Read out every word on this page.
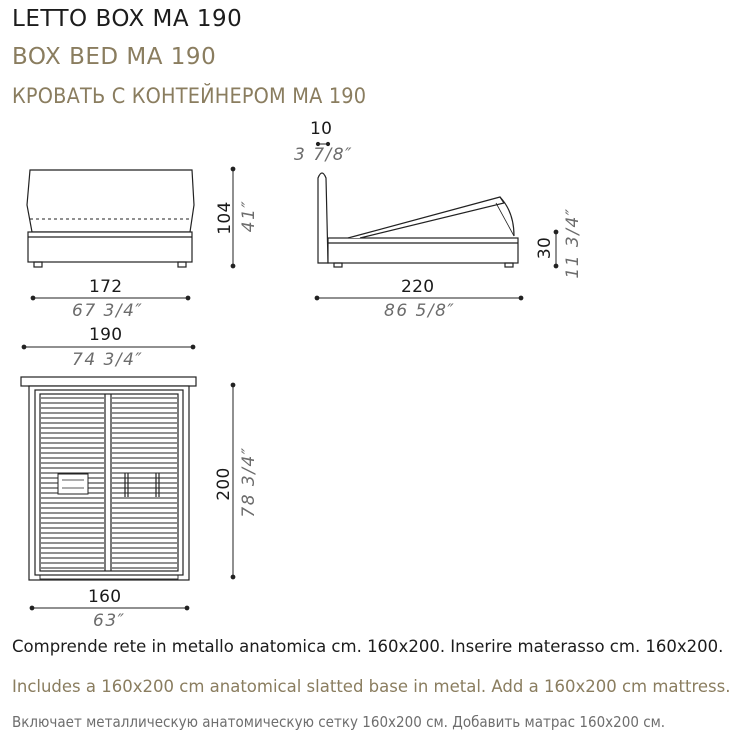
LETTO BOX MA 190
BOX BED MA 190
КРОВАТЬ С КОНТЕЙНЕРОМ MA 190
172
67 3/4″
104 41″
10
3 7/8″
220
86 5/8″
30 11 3/4″
190
74 3/4″
160
63″
200 78 3/4″
Comprende rete in metallo anatomica cm. 160x200. Inserire materasso cm. 160x200.
Includes a 160x200 cm anatomical slatted base in metal. Add a 160x200 cm mattress.
Включает металлическую анатомическую сетку 160x200 см. Добавить матрас 160x200 см.
